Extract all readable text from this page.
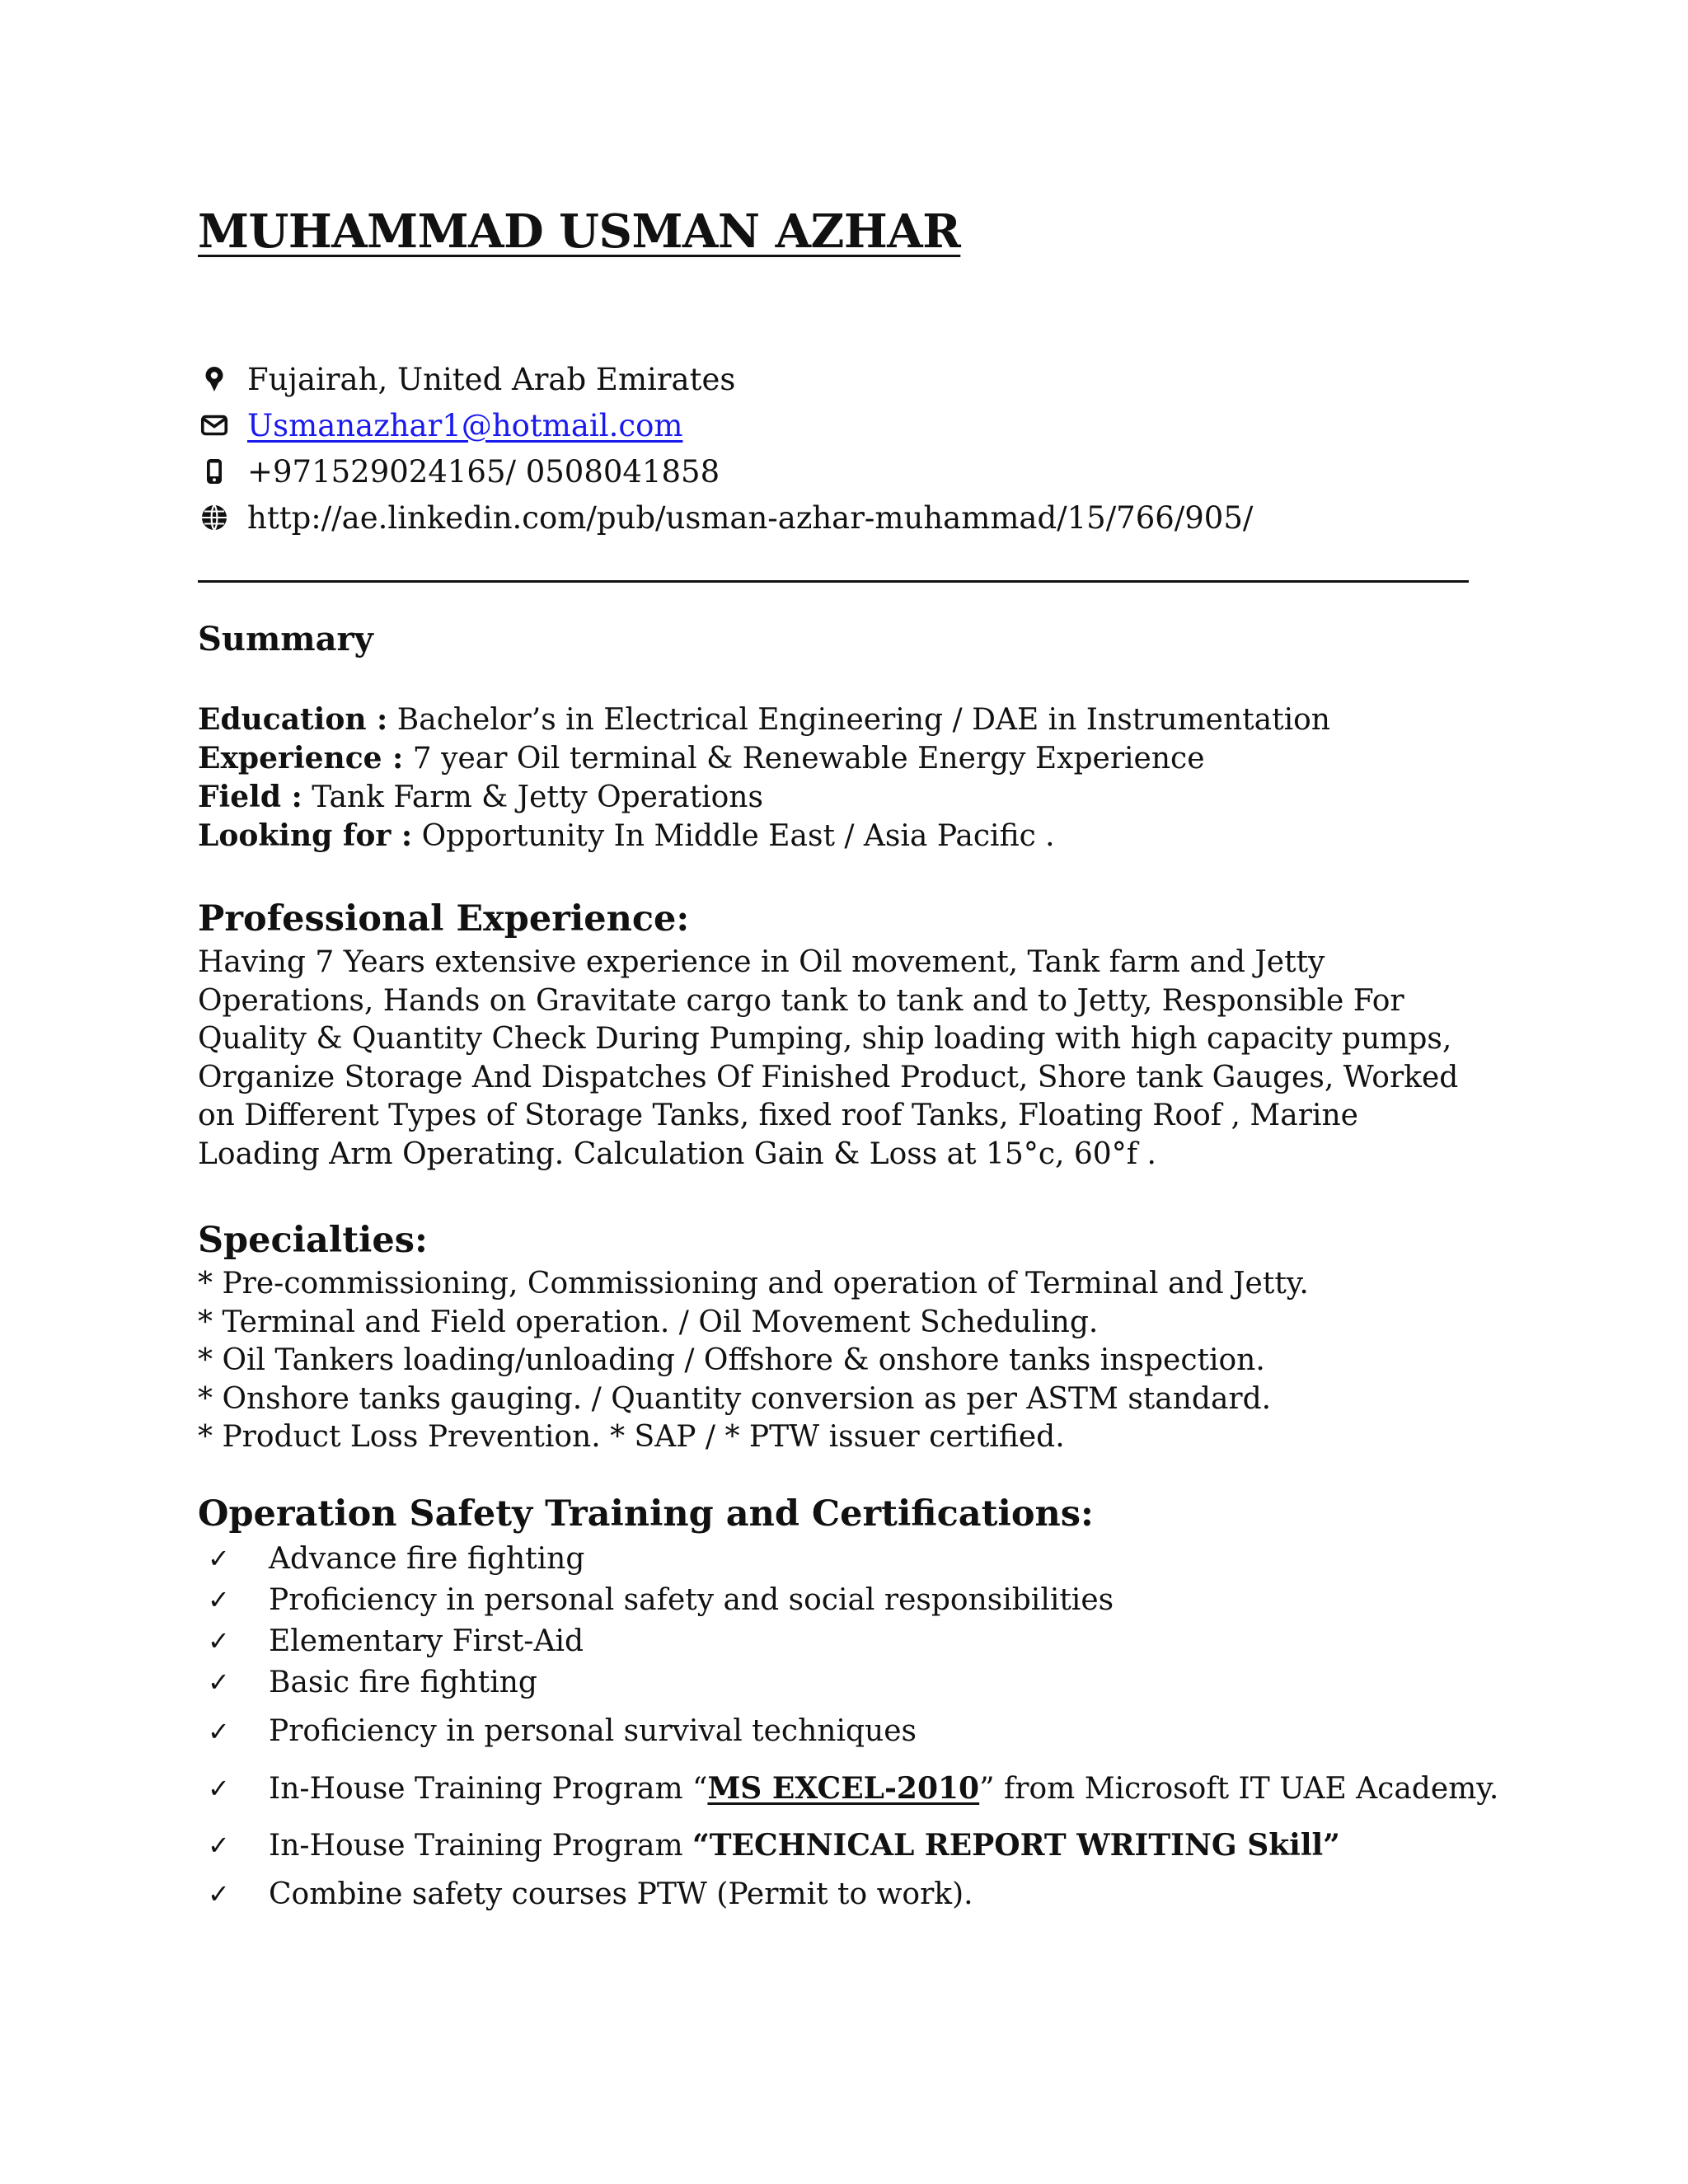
MUHAMMAD USMAN AZHAR
Fujairah, United Arab Emirates
Usmanazhar1@hotmail.com
+971529024165/ 0508041858
http://ae.linkedin.com/pub/usman-azhar-muhammad/15/766/905/
Summary
Education : Bachelor’s in Electrical Engineering / DAE in Instrumentation
Experience : 7 year Oil terminal & Renewable Energy Experience
Field : Tank Farm & Jetty Operations
Looking for : Opportunity In Middle East / Asia Pacific .
Professional Experience:

Having 7 Years extensive experience in Oil movement, Tank farm and Jetty Operations, Hands on Gravitate cargo tank to tank and to Jetty, Responsible For Quality & Quantity Check During Pumping, ship loading with high capacity pumps, Organize Storage And Dispatches Of Finished Product, Shore tank Gauges, Worked on Different Types of Storage Tanks, fixed roof Tanks, Floating Roof , Marine Loading Arm Operating. Calculation Gain & Loss at 15°c, 60°f .

Specialties:
* Pre-commissioning, Commissioning and operation of Terminal and Jetty.
* Terminal and Field operation. / Oil Movement Scheduling.
* Oil Tankers loading/unloading / Offshore & onshore tanks inspection.
* Onshore tanks gauging. / Quantity conversion as per ASTM standard.
* Product Loss Prevention. * SAP / * PTW issuer certified.
Operation Safety Training and Certifications:
✓	Advance fire fighting
✓	Proficiency in personal safety and social responsibilities
✓	Elementary First-Aid
✓	Basic fire fighting
✓	Proficiency in personal survival techniques
✓	In-House Training Program “MS EXCEL-2010” from Microsoft IT UAE Academy.
✓	In-House Training Program “TECHNICAL REPORT WRITING Skill”
✓	Combine safety courses PTW (Permit to work).
